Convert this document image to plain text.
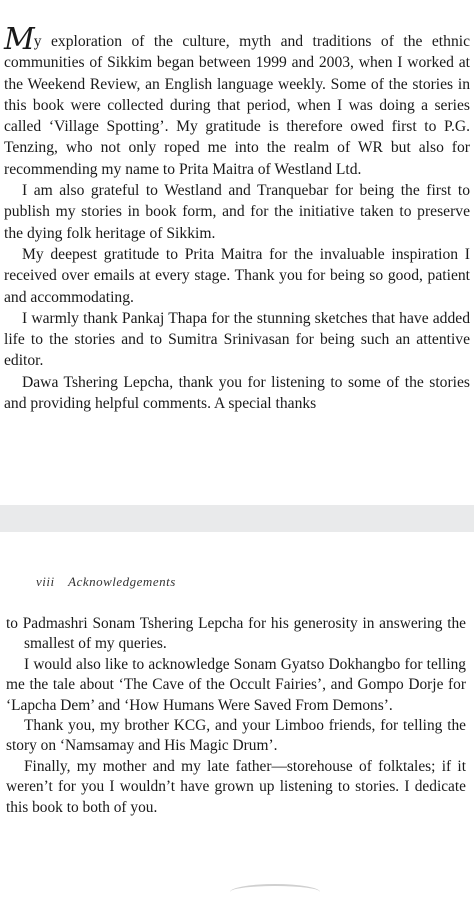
My exploration of the culture, myth and traditions of the ethnic communities of Sikkim began between 1999 and 2003, when I worked at the Weekend Review, an English language weekly. Some of the stories in this book were collected during that period, when I was doing a series called ‘Village Spotting’. My gratitude is therefore owed first to P.G. Tenzing, who not only roped me into the realm of WR but also for recommending my name to Prita Maitra of Westland Ltd.

I am also grateful to Westland and Tranquebar for being the first to publish my stories in book form, and for the initiative taken to preserve the dying folk heritage of Sikkim.

My deepest gratitude to Prita Maitra for the invaluable inspiration I received over emails at every stage. Thank you for being so good, patient and accommodating.

I warmly thank Pankaj Thapa for the stunning sketches that have added life to the stories and to Sumitra Srinivasan for being such an attentive editor.

Dawa Tshering Lepcha, thank you for listening to some of the stories and providing helpful comments. A special thanks

viii Acknowledgements

to Padmashri Sonam Tshering Lepcha for his generosity in answering the smallest of my queries.

I would also like to acknowledge Sonam Gyatso Dokhangbo for telling me the tale about ‘The Cave of the Occult Fairies’, and Gompo Dorje for ‘Lapcha Dem’ and ‘How Humans Were Saved From Demons’.

Thank you, my brother KCG, and your Limboo friends, for telling the story on ‘Namsamay and His Magic Drum’.

Finally, my mother and my late father—storehouse of folktales; if it weren’t for you I wouldn’t have grown up listening to stories. I dedicate this book to both of you.
